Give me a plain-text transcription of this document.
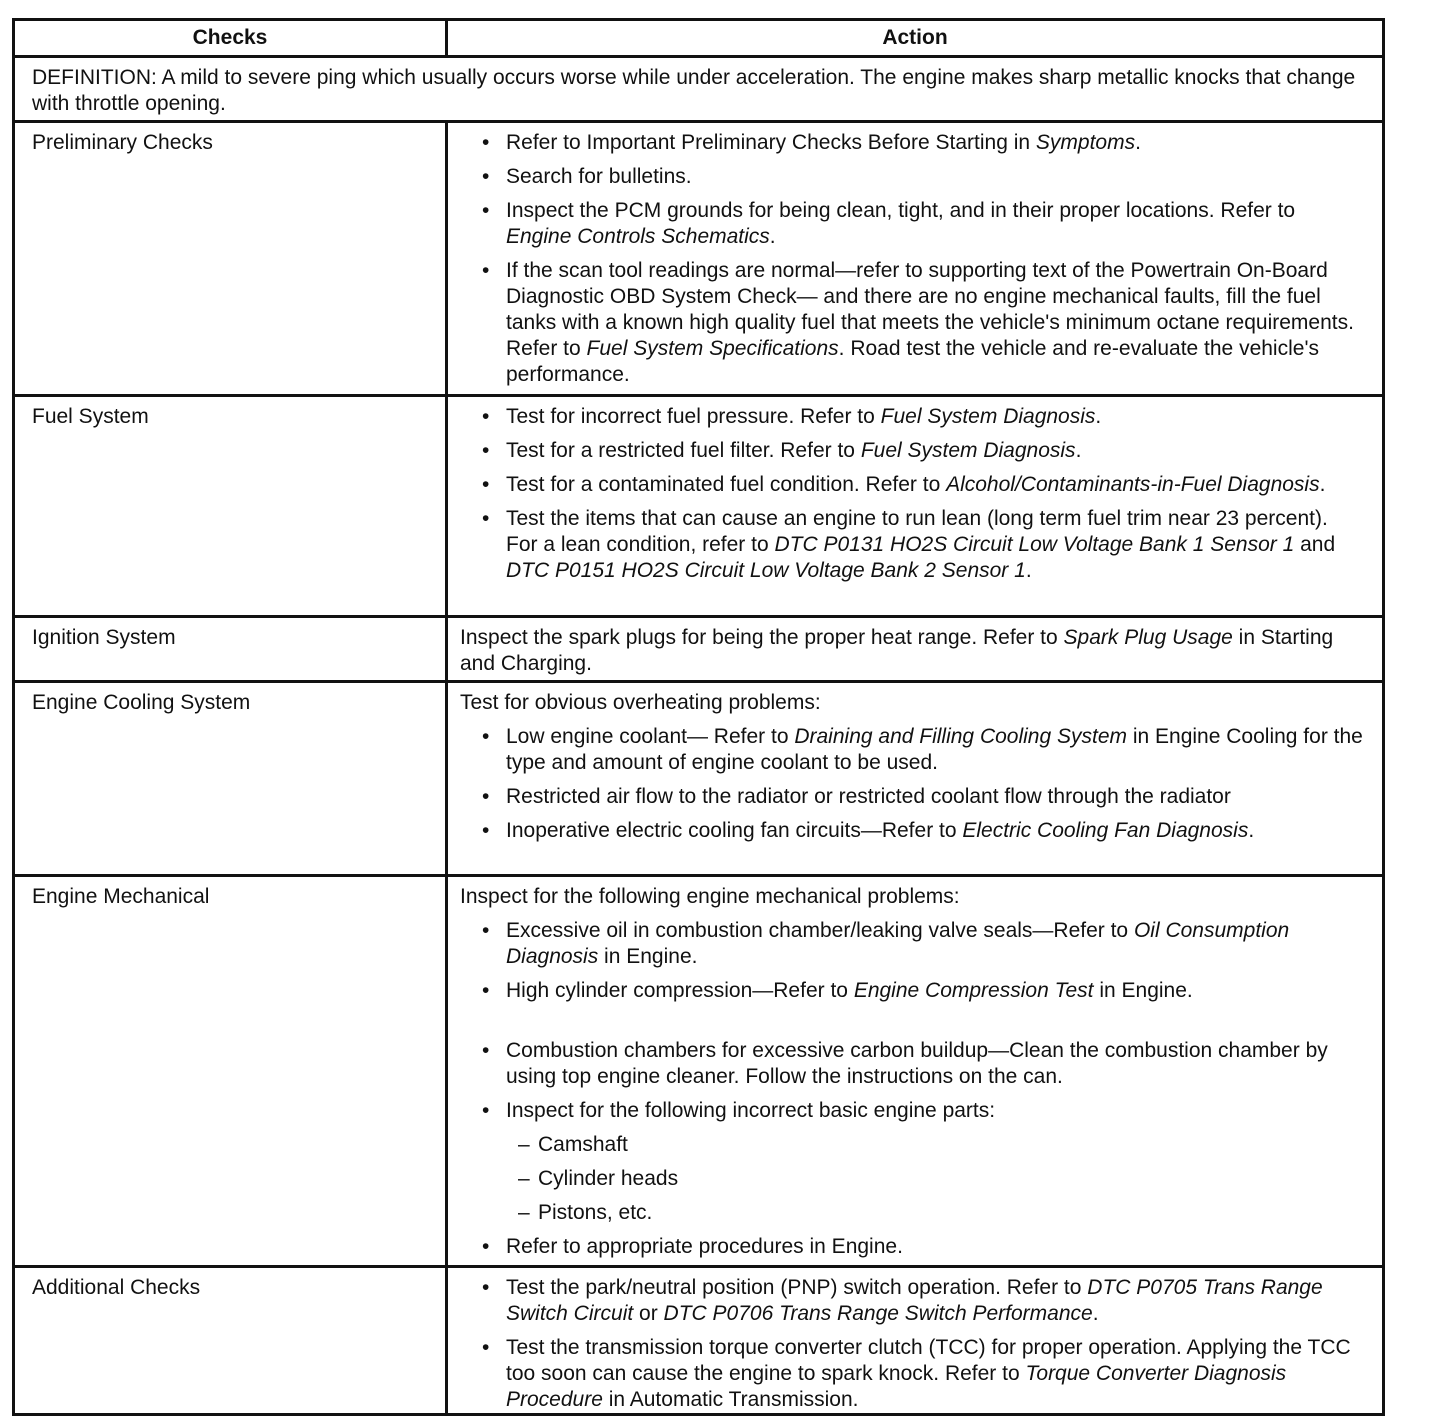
Checks	Action
DEFINITION: A mild to severe ping which usually occurs worse while under acceleration. The engine makes sharp metallic knocks that change with throttle opening.
Preliminary Checks	• Refer to Important Preliminary Checks Before Starting in Symptoms.
• Search for bulletins.
• Inspect the PCM grounds for being clean, tight, and in their proper locations. Refer to Engine Controls Schematics.
• If the scan tool readings are normal—refer to supporting text of the Powertrain On-Board Diagnostic OBD System Check— and there are no engine mechanical faults, fill the fuel tanks with a known high quality fuel that meets the vehicle's minimum octane requirements. Refer to Fuel System Specifications. Road test the vehicle and re-evaluate the vehicle's performance.
Fuel System	• Test for incorrect fuel pressure. Refer to Fuel System Diagnosis.
• Test for a restricted fuel filter. Refer to Fuel System Diagnosis.
• Test for a contaminated fuel condition. Refer to Alcohol/Contaminants-in-Fuel Diagnosis.
• Test the items that can cause an engine to run lean (long term fuel trim near 23 percent). For a lean condition, refer to DTC P0131 HO2S Circuit Low Voltage Bank 1 Sensor 1 and DTC P0151 HO2S Circuit Low Voltage Bank 2 Sensor 1.
Ignition System	Inspect the spark plugs for being the proper heat range. Refer to Spark Plug Usage in Starting and Charging.
Engine Cooling System	Test for obvious overheating problems:
• Low engine coolant— Refer to Draining and Filling Cooling System in Engine Cooling for the type and amount of engine coolant to be used.
• Restricted air flow to the radiator or restricted coolant flow through the radiator
• Inoperative electric cooling fan circuits—Refer to Electric Cooling Fan Diagnosis.
Engine Mechanical	Inspect for the following engine mechanical problems:
• Excessive oil in combustion chamber/leaking valve seals—Refer to Oil Consumption Diagnosis in Engine.
• High cylinder compression—Refer to Engine Compression Test in Engine.
• Combustion chambers for excessive carbon buildup—Clean the combustion chamber by using top engine cleaner. Follow the instructions on the can.
• Inspect for the following incorrect basic engine parts:
– Camshaft
– Cylinder heads
– Pistons, etc.
• Refer to appropriate procedures in Engine.
Additional Checks	• Test the park/neutral position (PNP) switch operation. Refer to DTC P0705 Trans Range Switch Circuit or DTC P0706 Trans Range Switch Performance.
• Test the transmission torque converter clutch (TCC) for proper operation. Applying the TCC too soon can cause the engine to spark knock. Refer to Torque Converter Diagnosis Procedure in Automatic Transmission.
